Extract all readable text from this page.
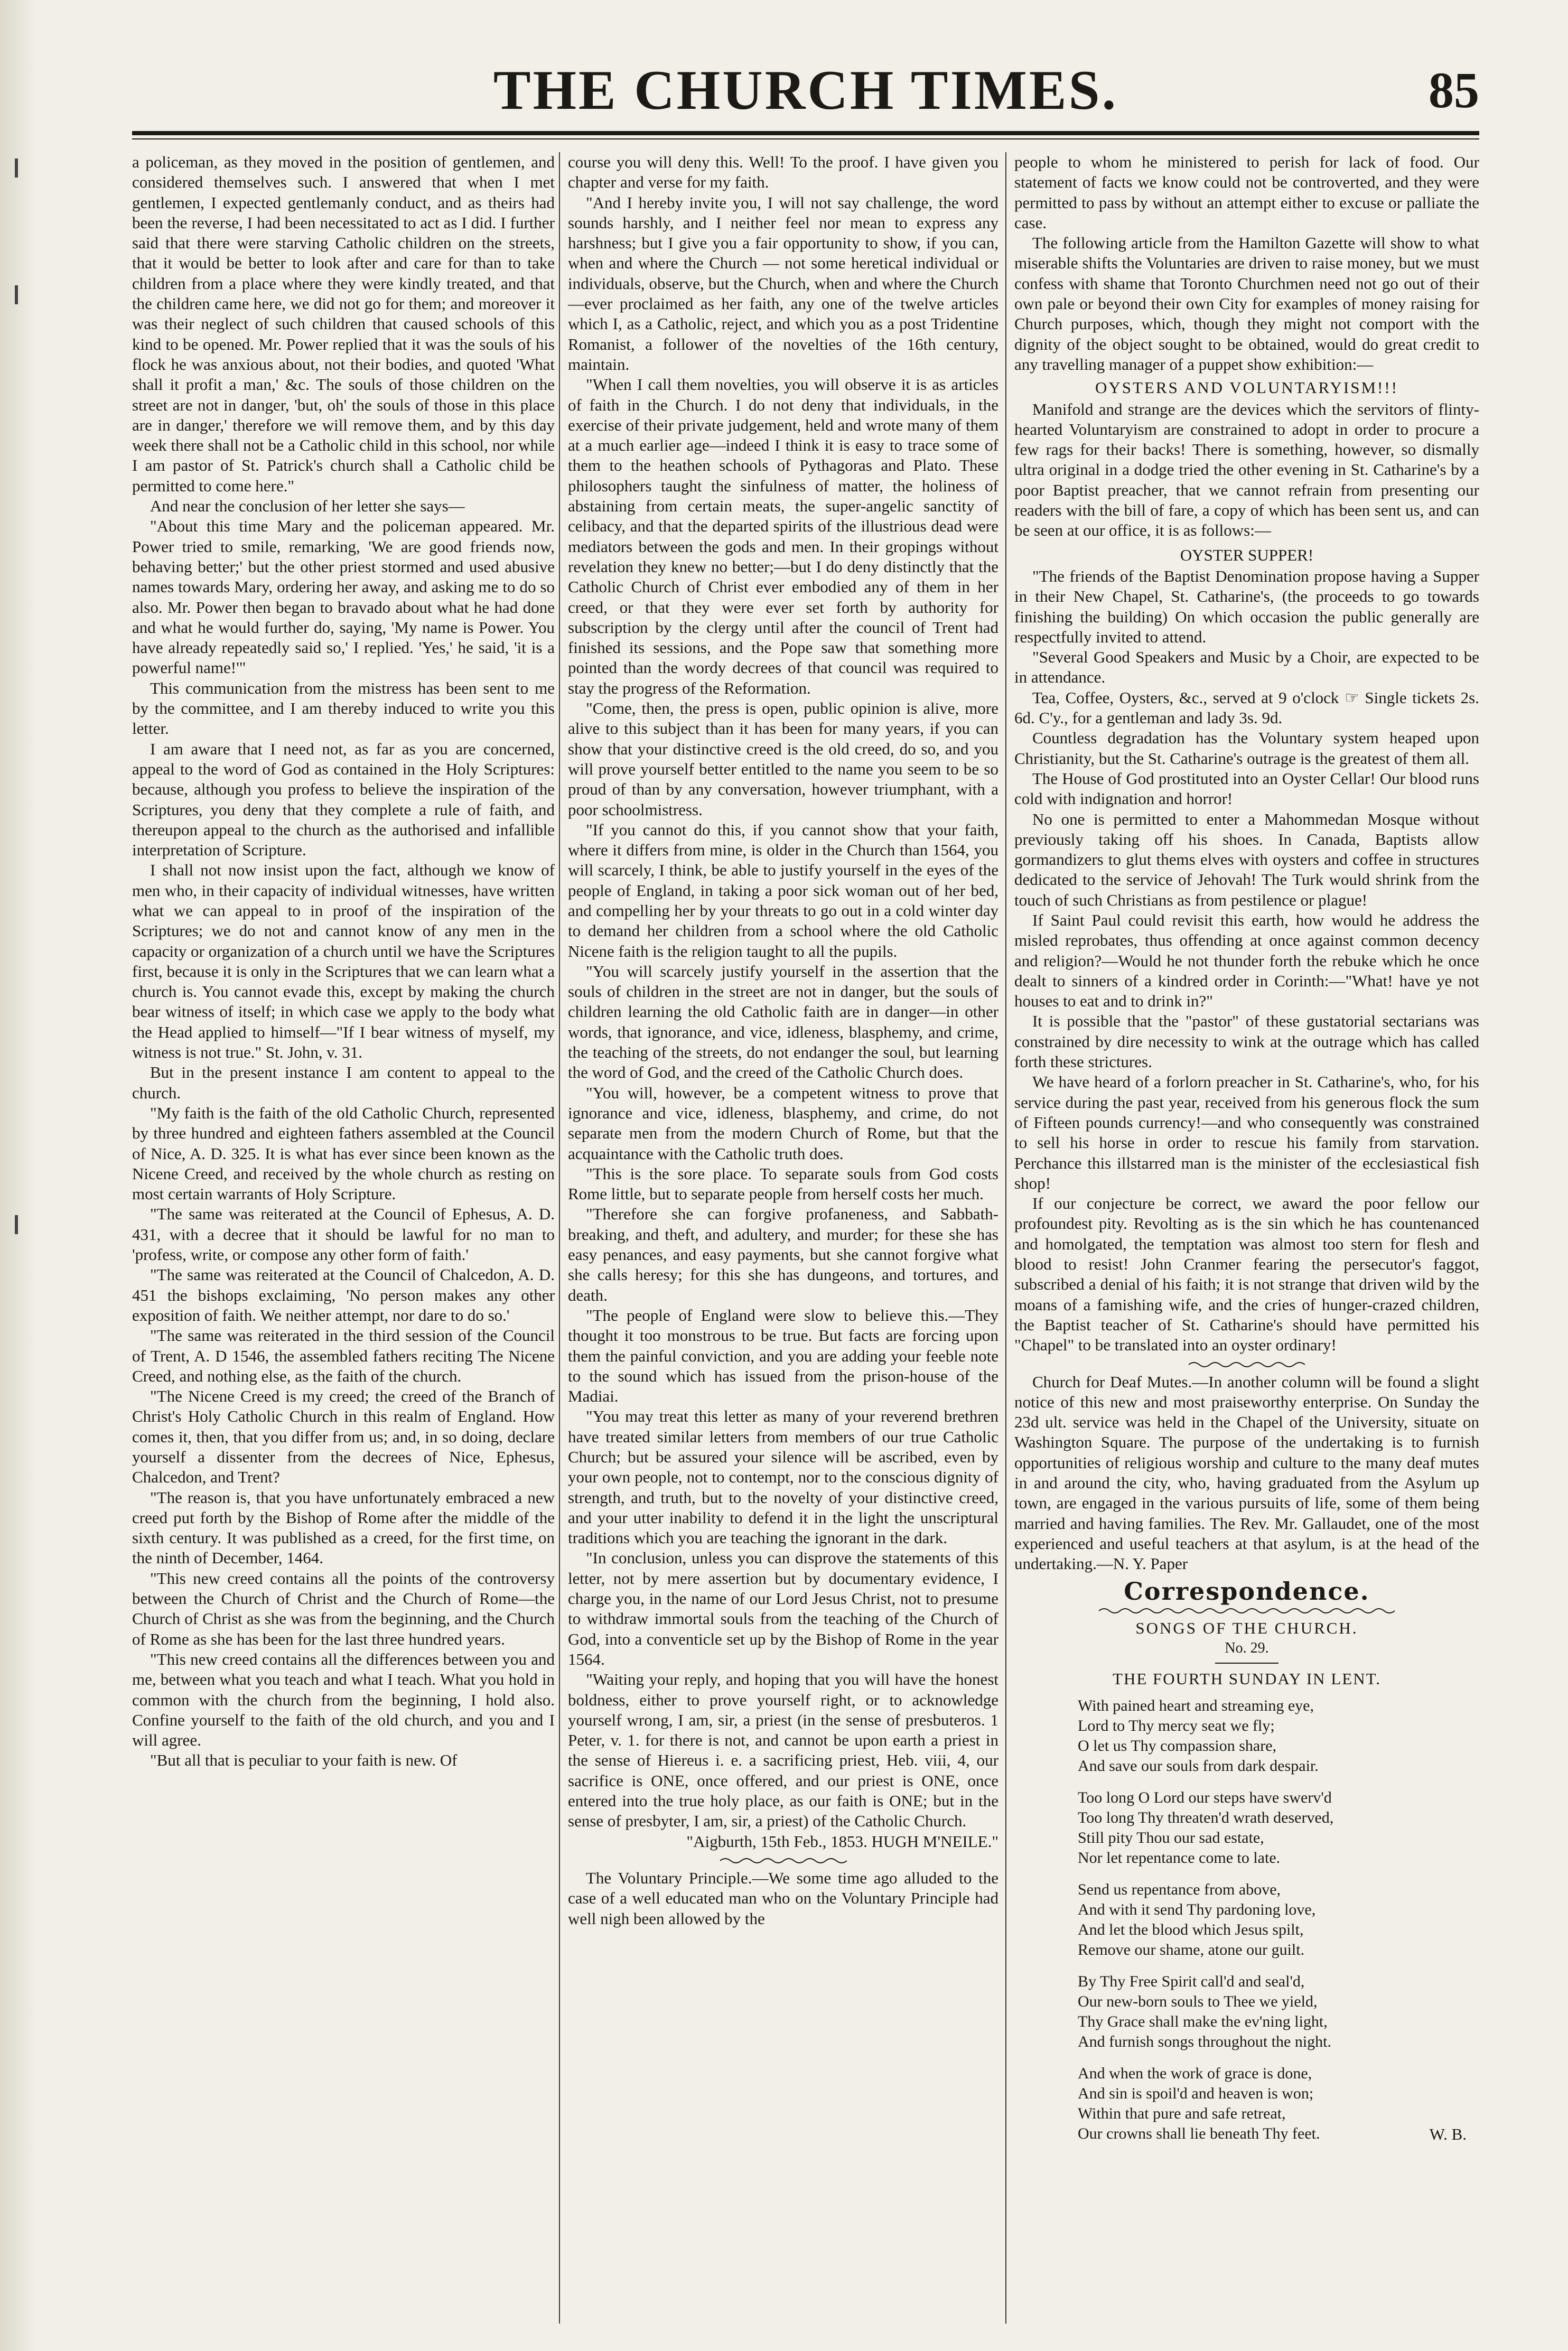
THE CHURCH TIMES.	85

a policeman, as they moved in the position of gentlemen, and considered themselves such. I answered that when I met gentlemen, I expected gentlemanly conduct, and as theirs had been the reverse, I had been necessitated to act as I did. I further said that there were starving Catholic children on the streets, that it would be better to look after and care for than to take children from a place where they were kindly treated, and that the children came here, we did not go for them; and moreover it was their neglect of such children that caused schools of this kind to be opened. Mr. Power replied that it was the souls of his flock he was anxious about, not their bodies, and quoted 'What shall it profit a man,' &c. The souls of those children on the street are not in danger, 'but, oh' the souls of those in this place are in danger,' therefore we will remove them, and by this day week there shall not be a Catholic child in this school, nor while I am pastor of St. Patrick's church shall a Catholic child be permitted to come here."

And near the conclusion of her letter she says—

"About this time Mary and the policeman appeared. Mr. Power tried to smile, remarking, 'We are good friends now, behaving better;' but the other priest stormed and used abusive names towards Mary, ordering her away, and asking me to do so also. Mr. Power then began to bravado about what he had done and what he would further do, saying, 'My name is Power. You have already repeatedly said so,' I replied. 'Yes,' he said, 'it is a powerful name!'"

This communication from the mistress has been sent to me by the committee, and I am thereby induced to write you this letter.

I am aware that I need not, as far as you are concerned, appeal to the word of God as contained in the Holy Scriptures: because, although you profess to believe the inspiration of the Scriptures, you deny that they complete a rule of faith, and thereupon appeal to the church as the authorised and infallible interpretation of Scripture.

I shall not now insist upon the fact, although we know of men who, in their capacity of individual witnesses, have written what we can appeal to in proof of the inspiration of the Scriptures; we do not and cannot know of any men in the capacity or organization of a church until we have the Scriptures first, because it is only in the Scriptures that we can learn what a church is. You cannot evade this, except by making the church bear witness of itself; in which case we apply to the body what the Head applied to himself—"If I bear witness of myself, my witness is not true." St. John, v. 31.

But in the present instance I am content to appeal to the church.

"My faith is the faith of the old Catholic Church, represented by three hundred and eighteen fathers assembled at the Council of Nice, A. D. 325. It is what has ever since been known as the Nicene Creed, and received by the whole church as resting on most certain warrants of Holy Scripture.

"The same was reiterated at the Council of Ephesus, A. D. 431, with a decree that it should be lawful for no man to 'profess, write, or compose any other form of faith.'

"The same was reiterated at the Council of Chalcedon, A. D. 451 the bishops exclaiming, 'No person makes any other exposition of faith. We neither attempt, nor dare to do so.'

"The same was reiterated in the third session of the Council of Trent, A. D 1546, the assembled fathers reciting The Nicene Creed, and nothing else, as the faith of the church.

"The Nicene Creed is my creed; the creed of the Branch of Christ's Holy Catholic Church in this realm of England. How comes it, then, that you differ from us; and, in so doing, declare yourself a dissenter from the decrees of Nice, Ephesus, Chalcedon, and Trent?

"The reason is, that you have unfortunately embraced a new creed put forth by the Bishop of Rome after the middle of the sixth century. It was published as a creed, for the first time, on the ninth of December, 1464.

"This new creed contains all the points of the controversy between the Church of Christ and the Church of Rome—the Church of Christ as she was from the beginning, and the Church of Rome as she has been for the last three hundred years.

"This new creed contains all the differences between you and me, between what you teach and what I teach. What you hold in common with the church from the beginning, I hold also. Confine yourself to the faith of the old church, and you and I will agree.

"But all that is peculiar to your faith is new. Of

course you will deny this. Well! To the proof. I have given you chapter and verse for my faith.

"And I hereby invite you, I will not say challenge, the word sounds harshly, and I neither feel nor mean to express any harshness; but I give you a fair opportunity to show, if you can, when and where the Church — not some heretical individual or individuals, observe, but the Church, when and where the Church—ever proclaimed as her faith, any one of the twelve articles which I, as a Catholic, reject, and which you as a post Tridentine Romanist, a follower of the novelties of the 16th century, maintain.

"When I call them novelties, you will observe it is as articles of faith in the Church. I do not deny that individuals, in the exercise of their private judgement, held and wrote many of them at a much earlier age—indeed I think it is easy to trace some of them to the heathen schools of Pythagoras and Plato. These philosophers taught the sinfulness of matter, the holiness of abstaining from certain meats, the super-angelic sanctity of celibacy, and that the departed spirits of the illustrious dead were mediators between the gods and men. In their gropings without revelation they knew no better;—but I do deny distinctly that the Catholic Church of Christ ever embodied any of them in her creed, or that they were ever set forth by authority for subscription by the clergy until after the council of Trent had finished its sessions, and the Pope saw that something more pointed than the wordy decrees of that council was required to stay the progress of the Reformation.

"Come, then, the press is open, public opinion is alive, more alive to this subject than it has been for many years, if you can show that your distinctive creed is the old creed, do so, and you will prove yourself better entitled to the name you seem to be so proud of than by any conversation, however triumphant, with a poor schoolmistress.

"If you cannot do this, if you cannot show that your faith, where it differs from mine, is older in the Church than 1564, you will scarcely, I think, be able to justify yourself in the eyes of the people of England, in taking a poor sick woman out of her bed, and compelling her by your threats to go out in a cold winter day to demand her children from a school where the old Catholic Nicene faith is the religion taught to all the pupils.

"You will scarcely justify yourself in the assertion that the souls of children in the street are not in danger, but the souls of children learning the old Catholic faith are in danger—in other words, that ignorance, and vice, idleness, blasphemy, and crime, the teaching of the streets, do not endanger the soul, but learning the word of God, and the creed of the Catholic Church does.

"You will, however, be a competent witness to prove that ignorance and vice, idleness, blasphemy, and crime, do not separate men from the modern Church of Rome, but that the acquaintance with the Catholic truth does.

"This is the sore place. To separate souls from God costs Rome little, but to separate people from herself costs her much.

"Therefore she can forgive profaneness, and Sabbath-breaking, and theft, and adultery, and murder; for these she has easy penances, and easy payments, but she cannot forgive what she calls heresy; for this she has dungeons, and tortures, and death.

"The people of England were slow to believe this.—They thought it too monstrous to be true. But facts are forcing upon them the painful conviction, and you are adding your feeble note to the sound which has issued from the prison-house of the Madiai.

"You may treat this letter as many of your reverend brethren have treated similar letters from members of our true Catholic Church; but be assured your silence will be ascribed, even by your own people, not to contempt, nor to the conscious dignity of strength, and truth, but to the novelty of your distinctive creed, and your utter inability to defend it in the light the unscriptural traditions which you are teaching the ignorant in the dark.

"In conclusion, unless you can disprove the statements of this letter, not by mere assertion but by documentary evidence, I charge you, in the name of our Lord Jesus Christ, not to presume to withdraw immortal souls from the teaching of the Church of God, into a conventicle set up by the Bishop of Rome in the year 1564.

"Waiting your reply, and hoping that you will have the honest boldness, either to prove yourself right, or to acknowledge yourself wrong, I am, sir, a priest (in the sense of presbuteros. 1 Peter, v. 1. for there is not, and cannot be upon earth a priest in the sense of Hiereus i. e. a sacrificing priest, Heb. viii, 4, our sacrifice is ONE, once offered, and our priest is ONE, once entered into the true holy place, as our faith is ONE; but in the sense of presbyter, I am, sir, a priest) of the Catholic Church.

"Aigburth, 15th Feb., 1853. HUGH M'NEILE."

The Voluntary Principle.—We some time ago alluded to the case of a well educated man who on the Voluntary Principle had well nigh been allowed by the

people to whom he ministered to perish for lack of food. Our statement of facts we know could not be controverted, and they were permitted to pass by without an attempt either to excuse or palliate the case.

The following article from the Hamilton Gazette will show to what miserable shifts the Voluntaries are driven to raise money, but we must confess with shame that Toronto Churchmen need not go out of their own pale or beyond their own City for examples of money raising for Church purposes, which, though they might not comport with the dignity of the object sought to be obtained, would do great credit to any travelling manager of a puppet show exhibition:—

OYSTERS AND VOLUNTARYISM!!!

Manifold and strange are the devices which the servitors of flinty-hearted Voluntaryism are constrained to adopt in order to procure a few rags for their backs! There is something, however, so dismally ultra original in a dodge tried the other evening in St. Catharine's by a poor Baptist preacher, that we cannot refrain from presenting our readers with the bill of fare, a copy of which has been sent us, and can be seen at our office, it is as follows:—

OYSTER SUPPER!

"The friends of the Baptist Denomination propose having a Supper in their New Chapel, St. Catharine's, (the proceeds to go towards finishing the building) On which occasion the public generally are respectfully invited to attend.

"Several Good Speakers and Music by a Choir, are expected to be in attendance.

Tea, Coffee, Oysters, &c., served at 9 o'clock ☞ Single tickets 2s. 6d. C'y., for a gentleman and lady 3s. 9d.

Countless degradation has the Voluntary system heaped upon Christianity, but the St. Catharine's outrage is the greatest of them all.

The House of God prostituted into an Oyster Cellar! Our blood runs cold with indignation and horror!

No one is permitted to enter a Mahommedan Mosque without previously taking off his shoes. In Canada, Baptists allow gormandizers to glut thems elves with oysters and coffee in structures dedicated to the service of Jehovah! The Turk would shrink from the touch of such Christians as from pestilence or plague!

If Saint Paul could revisit this earth, how would he address the misled reprobates, thus offending at once against common decency and religion?—Would he not thunder forth the rebuke which he once dealt to sinners of a kindred order in Corinth:—"What! have ye not houses to eat and to drink in?"

It is possible that the "pastor" of these gustatorial sectarians was constrained by dire necessity to wink at the outrage which has called forth these strictures.

We have heard of a forlorn preacher in St. Catharine's, who, for his service during the past year, received from his generous flock the sum of Fifteen pounds currency!—and who consequently was constrained to sell his horse in order to rescue his family from starvation. Perchance this illstarred man is the minister of the ecclesiastical fish shop!

If our conjecture be correct, we award the poor fellow our profoundest pity. Revolting as is the sin which he has countenanced and homolgated, the temptation was almost too stern for flesh and blood to resist! John Cranmer fearing the persecutor's faggot, subscribed a denial of his faith; it is not strange that driven wild by the moans of a famishing wife, and the cries of hunger-crazed children, the Baptist teacher of St. Catharine's should have permitted his "Chapel" to be translated into an oyster ordinary!

Church for Deaf Mutes.—In another column will be found a slight notice of this new and most praiseworthy enterprise. On Sunday the 23d ult. service was held in the Chapel of the University, situate on Washington Square. The purpose of the undertaking is to furnish opportunities of religious worship and culture to the many deaf mutes in and around the city, who, having graduated from the Asylum up town, are engaged in the various pursuits of life, some of them being married and having families. The Rev. Mr. Gallaudet, one of the most experienced and useful teachers at that asylum, is at the head of the undertaking.—N. Y. Paper

Correspondence.
SONGS OF THE CHURCH.
No. 29.
THE FOURTH SUNDAY IN LENT.
With pained heart and streaming eye,
Lord to Thy mercy seat we fly;
O let us Thy compassion share,
And save our souls from dark despair.
Too long O Lord our steps have swerv'd
Too long Thy threaten'd wrath deserved,
Still pity Thou our sad estate,
Nor let repentance come to late.
Send us repentance from above,
And with it send Thy pardoning love,
And let the blood which Jesus spilt,
Remove our shame, atone our guilt.
By Thy Free Spirit call'd and seal'd,
Our new-born souls to Thee we yield,
Thy Grace shall make the ev'ning light,
And furnish songs throughout the night.
And when the work of grace is done,
And sin is spoil'd and heaven is won;
Within that pure and safe retreat,
Our crowns shall lie beneath Thy feet.	W. B.
